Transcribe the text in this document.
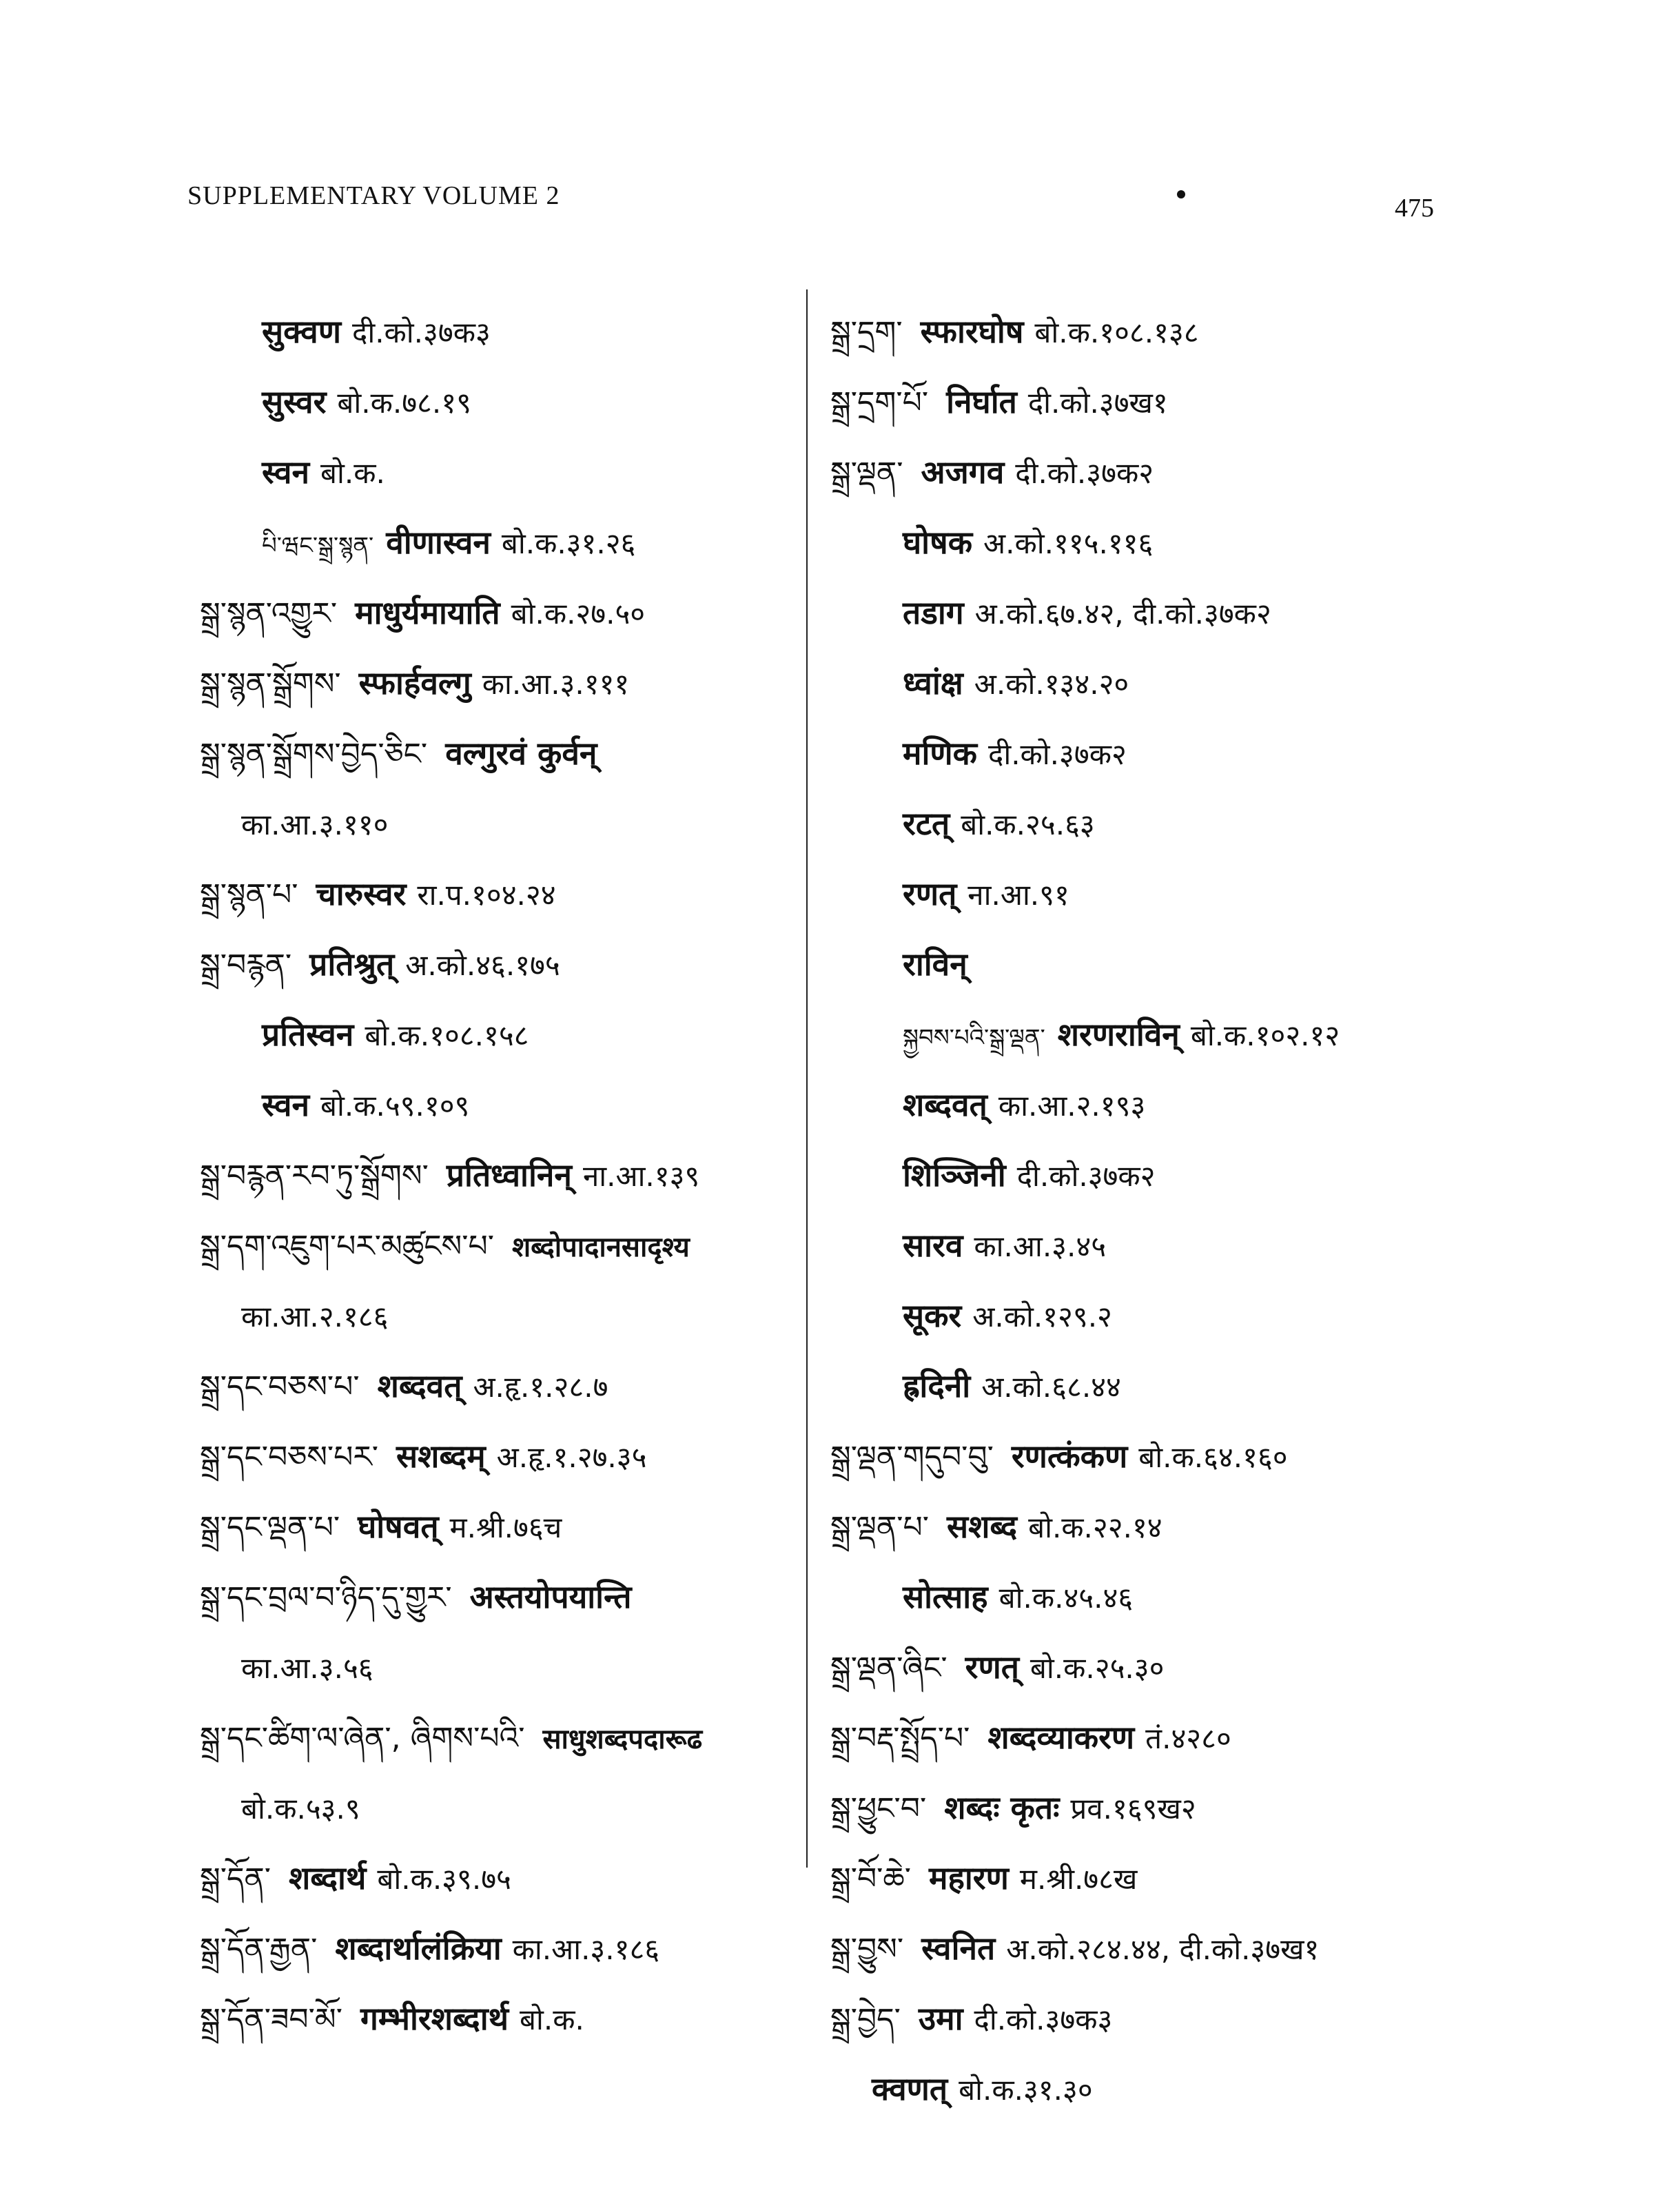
SUPPLEMENTARY VOLUME 2	475
सुक्वण दी.को.३७क३
सुस्वर बो.क.७८.१९
स्वन बो.क.
པི་ཝང་སྒྲ་སྙན་ वीणास्वन बो.क.३१.२६
སྒྲ་སྙན་འགྱུར་ माधुर्यमायाति बो.क.२७.५०
སྒྲ་སྙན་སྒྲོགས་ स्फार्हवल्गु का.आ.३.१११
སྒྲ་སྙན་སྒྲོགས་བྱེད་ཅིང་ वल्गुरवं कुर्वन्
का.आ.३.११०
སྒྲ་སྙན་པ་ चारुस्वर रा.प.१०४.२४
སྒྲ་བརྙན་ प्रतिश्रुत् अ.को.४६.१७५
प्रतिस्वन बो.क.१०८.१५८
स्वन बो.क.५९.१०९
སྒྲ་བརྙན་རབ་ཏུ་སྒྲོགས་ प्रतिध्वानिन् ना.आ.१३९
སྒྲ་དག་འཇུག་པར་མཚུངས་པ་ शब्दोपादानसादृश्य
का.आ.२.१८६
སྒྲ་དང་བཅས་པ་ शब्दवत् अ.हृ.१.२८.७
སྒྲ་དང་བཅས་པར་ सशब्दम् अ.हृ.१.२७.३५
སྒྲ་དང་ལྡན་པ་ घोषवत् म.श्री.७६च
སྒྲ་དང་བྲལ་བ་ཉིད་དུ་གྱུར་ अस्तयोपयान्ति
का.आ.३.५६
སྒྲ་དང་ཚིག་ལ་ཞེན་, ཞིགས་པའི་ साधुशब्दपदारूढ
बो.क.५३.९
སྒྲ་དོན་ शब्दार्थ बो.क.३९.७५
སྒྲ་དོན་རྒྱན་ शब्दार्थालंक्रिया का.आ.३.१८६
སྒྲ་དོན་ཟབ་མོ་ गम्भीरशब्दार्थ बो.क.
སྒྲ་དྲག་ स्फारघोष बो.क.१०८.१३८
སྒྲ་དྲག་པོ་ निर्घात दी.को.३७ख१
སྒྲ་ལྡན་ अजगव दी.को.३७क२
घोषक अ.को.११५.११६
तडाग अ.को.६७.४२, दी.को.३७क२
ध्वांक्ष अ.को.१३४.२०
मणिक दी.को.३७क२
रटत् बो.क.२५.६३
रणत् ना.आ.९१
राविन्
སྐྱབས་པའི་སྒྲ་ལྡན་ शरणराविन् बो.क.१०२.१२
शब्दवत् का.आ.२.१९३
शिञ्जिनी दी.को.३७क२
सारव का.आ.३.४५
सूकर अ.को.१२९.२
ह्रदिनी अ.को.६८.४४
སྒྲ་ལྡན་གདུབ་བུ་ रणत्कंकण बो.क.६४.१६०
སྒྲ་ལྡན་པ་ सशब्द बो.क.२२.१४
सोत्साह बो.क.४५.४६
སྒྲ་ལྡན་ཞིང་ रणत् बो.क.२५.३०
སྒྲ་བརྡ་སྤྲོད་པ་ शब्दव्याकरण तं.४२८०
སྒྲ་ཕྱུང་བ་ शब्दः कृतः प्रव.१६९ख२
སྒྲ་བོ་ཆེ་ महारण म.श्री.७८ख
སྒྲ་བྱུས་ स्वनित अ.को.२८४.४४, दी.को.३७ख१
སྒྲ་བྱེད་ उमा दी.को.३७क३
क्वणत् बो.क.३१.३०
